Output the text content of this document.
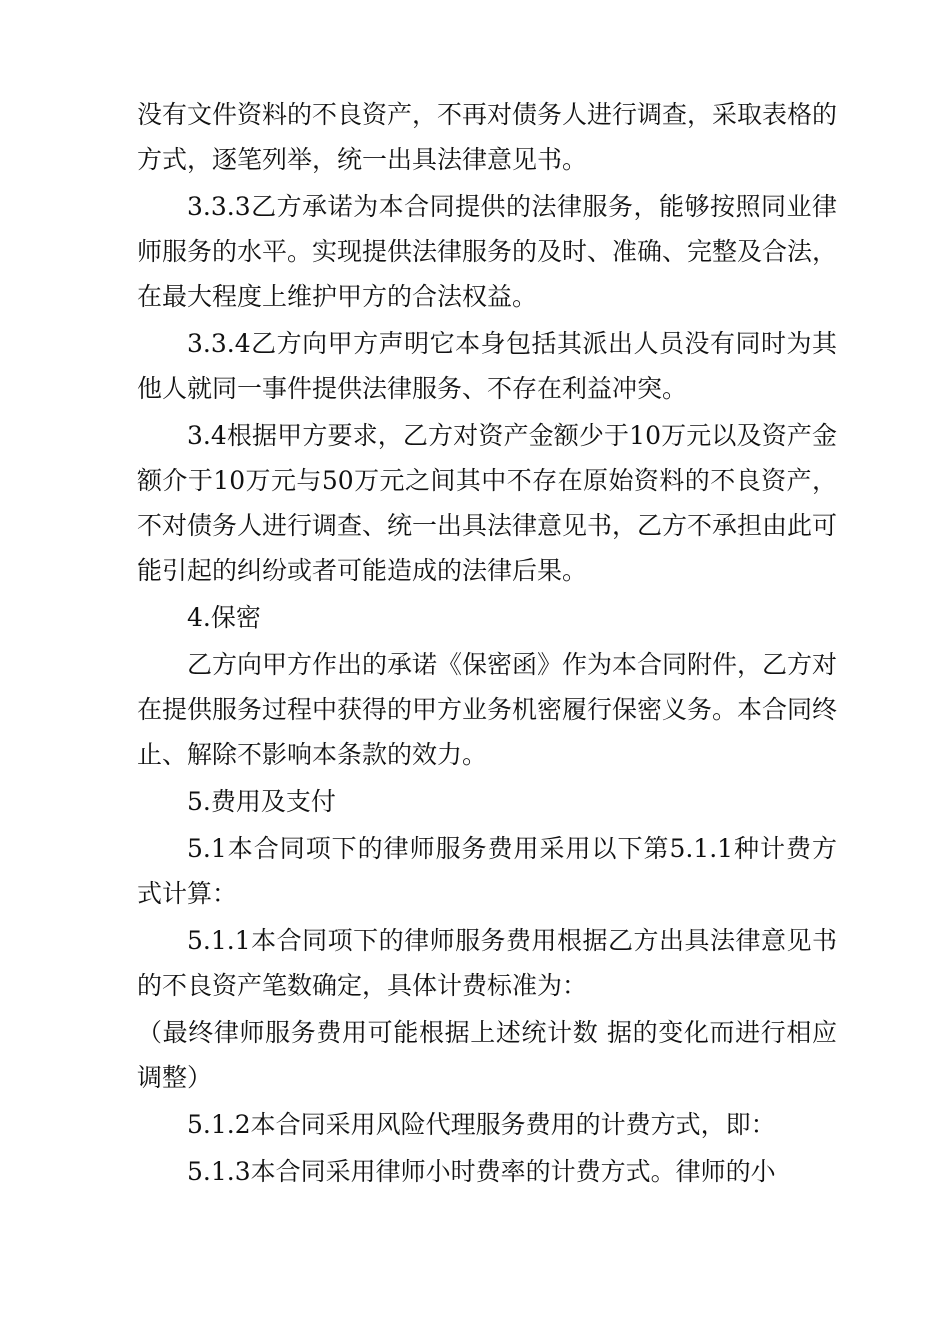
没有文件资料的不良资产，不再对债务人进行调查，采取表格的方式，逐笔列举，统一出具法律意见书。

3.3.3乙方承诺为本合同提供的法律服务，能够按照同业律师服务的水平。实现提供法律服务的及时、准确、完整及合法，在最大程度上维护甲方的合法权益。

3.3.4乙方向甲方声明它本身包括其派出人员没有同时为其他人就同一事件提供法律服务、不存在利益冲突。

3.4根据甲方要求，乙方对资产金额少于10万元以及资产金额介于10万元与50万元之间其中不存在原始资料的不良资产，不对债务人进行调查、统一出具法律意见书，乙方不承担由此可能引起的纠纷或者可能造成的法律后果。

4.保密

乙方向甲方作出的承诺《保密函》作为本合同附件，乙方对在提供服务过程中获得的甲方业务机密履行保密义务。本合同终止、解除不影响本条款的效力。

5.费用及支付

5.1本合同项下的律师服务费用采用以下第5.1.1种计费方式计算：

5.1.1本合同项下的律师服务费用根据乙方出具法律意见书的不良资产笔数确定，具体计费标准为：

（最终律师服务费用可能根据上述统计数 据的变化而进行相应调整）

5.1.2本合同采用风险代理服务费用的计费方式，即：

5.1.3本合同采用律师小时费率的计费方式。律师的小
